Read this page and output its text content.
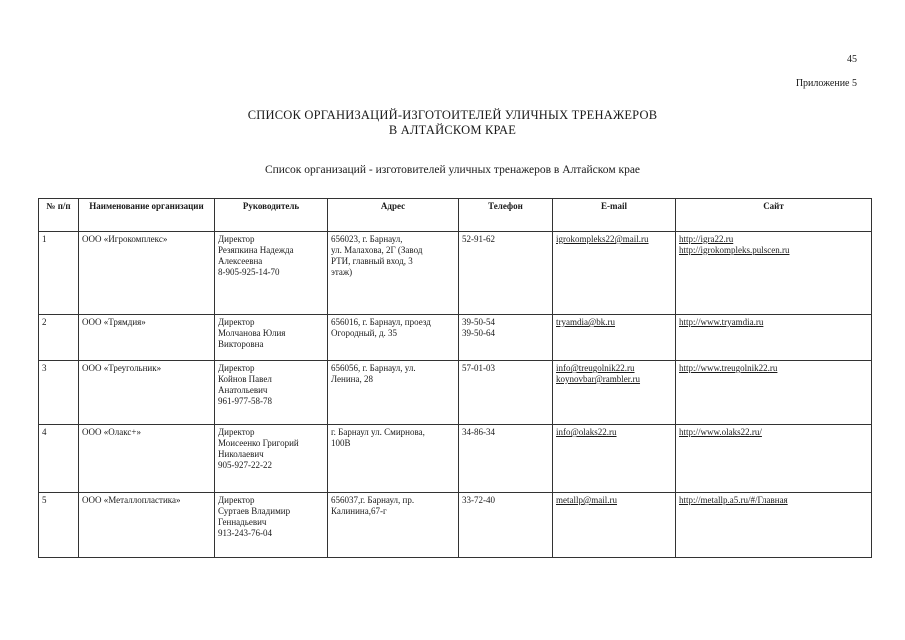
45
Приложение 5
СПИСОК ОРГАНИЗАЦИЙ-ИЗГОТОИТЕЛЕЙ УЛИЧНЫХ ТРЕНАЖЕРОВ
В АЛТАЙСКОМ КРАЕ
Список организаций - изготовителей уличных тренажеров в Алтайском крае
№ п/п	Наименование организации	Руководитель	Адрес	Телефон	E-mail	Сайт
1	ООО «Игрокомплекс»	Директор
Резяпкина Надежда
Алексеевна
8-905-925-14-70	656023, г. Барнаул,
ул. Малахова, 2Г (Завод
РТИ, главный вход, 3
этаж)	52-91-62	igrokompleks22@mail.ru	http://igra22.ru
http://igrokompleks.pulscen.ru

2	ООО «Трямдия»	Директор
Молчанова Юлия
Викторовна	656016, г. Барнаул, проезд
Огородный, д. 35	39-50-54
39-50-64	tryamdia@bk.ru	http://www.tryamdia.ru

3	ООО «Треугольник»	Директор
Койнов Павел
Анатольевич
961-977-58-78	656056, г. Барнаул, ул.
Ленина, 28	57-01-03	info@treugolnik22.ru
koynovbar@rambler.ru	http://www.treugolnik22.ru

4	ООО «Олакс+»	Директор
Моисеенко Григорий
Николаевич
905-927-22-22	г. Барнаул ул. Смирнова,
100В	34-86-34	info@olaks22.ru	http://www.olaks22.ru/

5	ООО «Металлопластика»	Директор
Суртаев Владимир
Геннадьевич
913-243-76-04	656037,г. Барнаул, пр.
Калинина,67-г	33-72-40	metallp@mail.ru	http://metallp.a5.ru/#/Главная
